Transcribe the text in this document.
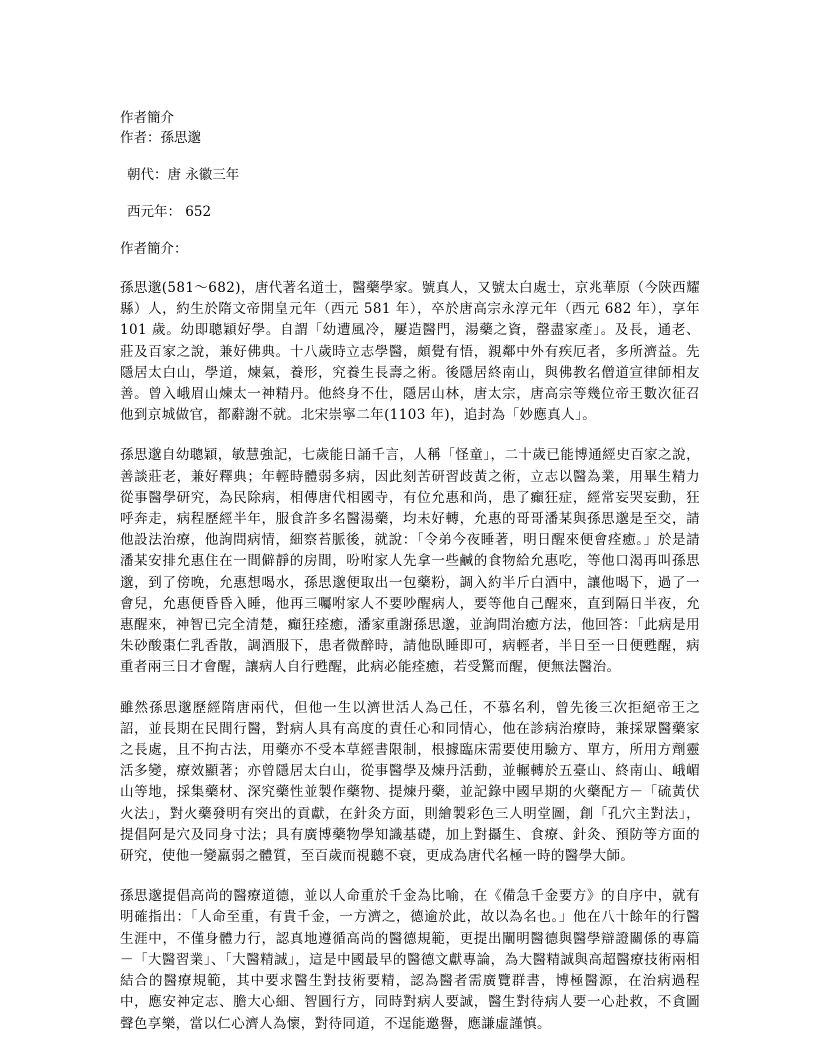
作者簡介

作者：孫思邈

朝代：唐 永徽三年

西元年： 652

作者簡介：

孫思邈(581～682)，唐代著名道士，醫藥學家。號真人，又號太白處士，京兆華原（今陝西耀縣）人，約生於隋文帝開皇元年（西元 581 年），卒於唐高宗永淳元年（西元 682 年），享年 101 歲。幼即聰穎好學。自謂「幼遭風冷，屢造醫門，湯藥之資，罄盡家產」。及長，通老、莊及百家之說，兼好佛典。十八歲時立志學醫，頗覺有悟，親鄰中外有疾厄者，多所濟益。先隱居太白山，學道，煉氣，養形，究養生長壽之術。後隱居終南山，與佛教名僧道宣律師相友善。曾入峨眉山煉太一神精丹。他終身不仕，隱居山林，唐太宗，唐高宗等幾位帝王數次征召他到京城做官，都辭謝不就。北宋崇寧二年(1103 年)，追封為「妙應真人」。

孫思邈自幼聰穎，敏慧強記，七歲能日誦千言，人稱「怪童」，二十歲已能博通經史百家之說，善談莊老，兼好釋典；年輕時體弱多病，因此刻苦研習歧黃之術，立志以醫為業，用畢生精力從事醫學研究，為民除病，相傳唐代相國寺，有位允惠和尚，患了癲狂症，經常妄哭妄動，狂呼奔走，病程歷經半年，服食許多名醫湯藥，均未好轉，允惠的哥哥潘某與孫思邈是至交，請他設法治療，他詢問病情，細察苔脈後，就說：「令弟今夜睡著，明日醒來便會痊癒。」於是請潘某安排允惠住在一間僻靜的房間，吩咐家人先拿一些鹹的食物給允惠吃，等他口渴再叫孫思邈，到了傍晚，允惠想喝水，孫思邈便取出一包藥粉，調入約半斤白酒中，讓他喝下，過了一會兒，允惠便昏昏入睡，他再三囑咐家人不要吵醒病人，要等他自己醒來，直到隔日半夜，允惠醒來，神智已完全清楚，癲狂痊癒，潘家重謝孫思邈，並詢問治癒方法，他回答：「此病是用朱砂酸棗仁乳香散，調酒服下，患者微醉時，請他臥睡即可，病輕者，半日至一日便甦醒，病重者兩三日才會醒，讓病人自行甦醒，此病必能痊癒，若受驚而醒，便無法醫治。

雖然孫思邈歷經隋唐兩代，但他一生以濟世活人為己任，不慕名利，曾先後三次拒絕帝王之詔，並長期在民間行醫，對病人具有高度的責任心和同情心，他在診病治療時，兼採眾醫藥家之長處，且不拘古法，用藥亦不受本草經書限制，根據臨床需要使用驗方、單方，所用方劑靈活多變，療效顯著；亦曾隱居太白山，從事醫學及煉丹活動，並輾轉於五臺山、終南山、峨嵋山等地，採集藥材、深究藥性並製作藥物、提煉丹藥，並記錄中國早期的火藥配方－「硫黃伏火法」，對火藥發明有突出的貢獻，在針灸方面，則繪製彩色三人明堂圖，創「孔穴主對法」，提倡阿是穴及同身寸法；具有廣博藥物學知識基礎，加上對攝生、食療、針灸、預防等方面的研究，使他一變羸弱之體質，至百歲而視聽不衰，更成為唐代名極一時的醫學大師。

孫思邈提倡高尚的醫療道德，並以人命重於千金為比喻，在《備急千金要方》的自序中，就有明確指出：「人命至重，有貴千金，一方濟之，德逾於此，故以為名也。」他在八十餘年的行醫生涯中，不僅身體力行，認真地遵循高尚的醫德規範，更提出闡明醫德與醫學辯證關係的專篇－「大醫習業」、「大醫精誠」，這是中國最早的醫德文獻專論，為大醫精誠與高超醫療技術兩相結合的醫療規範，其中要求醫生對技術要精，認為醫者需廣覽群書，博極醫源，在治病過程中，應安神定志、膽大心細、智圓行方，同時對病人要誠，醫生對待病人要一心赴救，不貪圖聲色享樂，當以仁心濟人為懷，對待同道，不逞能邀譽，應謙虛謹慎。
